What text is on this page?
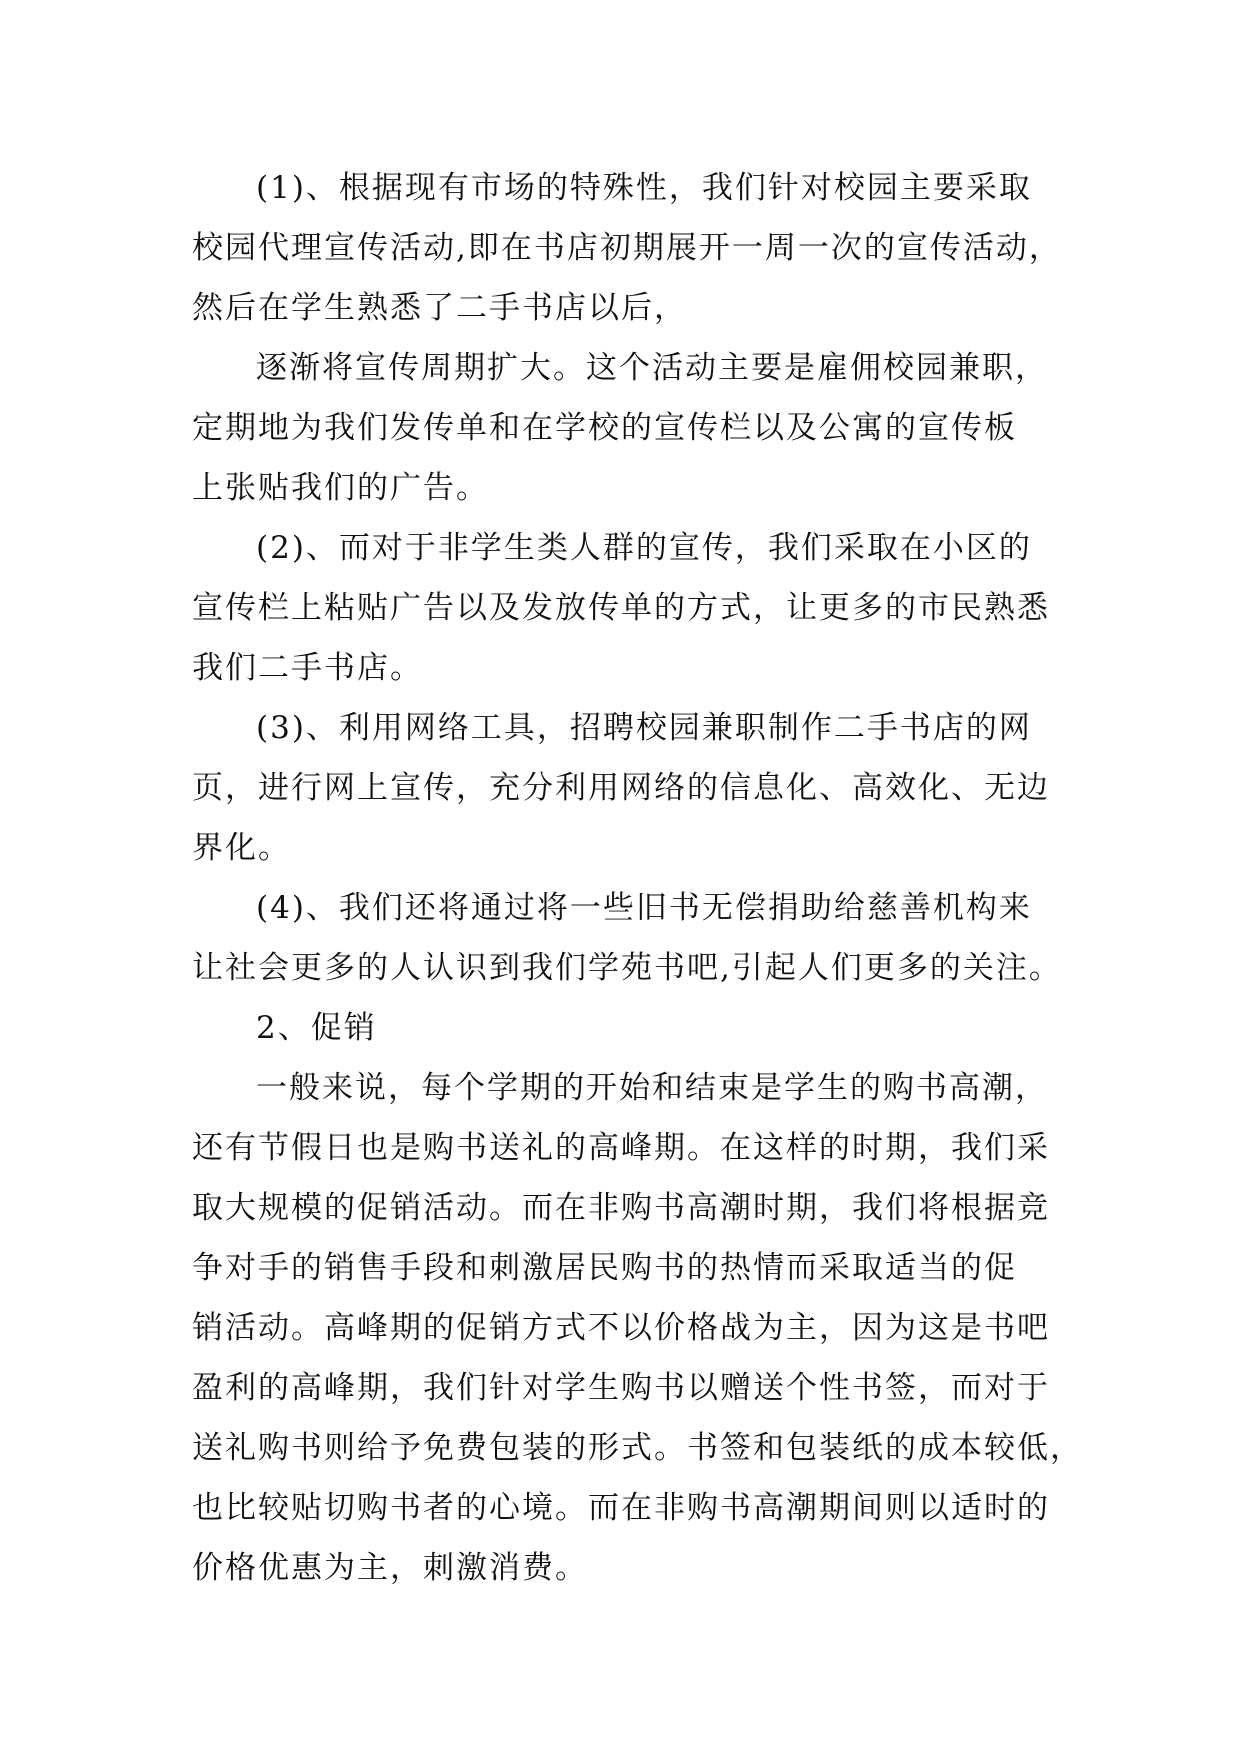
(1)、根据现有市场的特殊性，我们针对校园主要采取
校园代理宣传活动,即在书店初期展开一周一次的宣传活动，
然后在学生熟悉了二手书店以后，
逐渐将宣传周期扩大。这个活动主要是雇佣校园兼职，
定期地为我们发传单和在学校的宣传栏以及公寓的宣传板
上张贴我们的广告。
(2)、而对于非学生类人群的宣传，我们采取在小区的
宣传栏上粘贴广告以及发放传单的方式，让更多的市民熟悉
我们二手书店。
(3)、利用网络工具，招聘校园兼职制作二手书店的网
页，进行网上宣传，充分利用网络的信息化、高效化、无边
界化。
(4)、我们还将通过将一些旧书无偿捐助给慈善机构来
让社会更多的人认识到我们学苑书吧,引起人们更多的关注。
2、促销
一般来说，每个学期的开始和结束是学生的购书高潮，
还有节假日也是购书送礼的高峰期。在这样的时期，我们采
取大规模的促销活动。而在非购书高潮时期，我们将根据竞
争对手的销售手段和刺激居民购书的热情而采取适当的促
销活动。高峰期的促销方式不以价格战为主，因为这是书吧
盈利的高峰期，我们针对学生购书以赠送个性书签，而对于
送礼购书则给予免费包装的形式。书签和包装纸的成本较低，
也比较贴切购书者的心境。而在非购书高潮期间则以适时的
价格优惠为主，刺激消费。
